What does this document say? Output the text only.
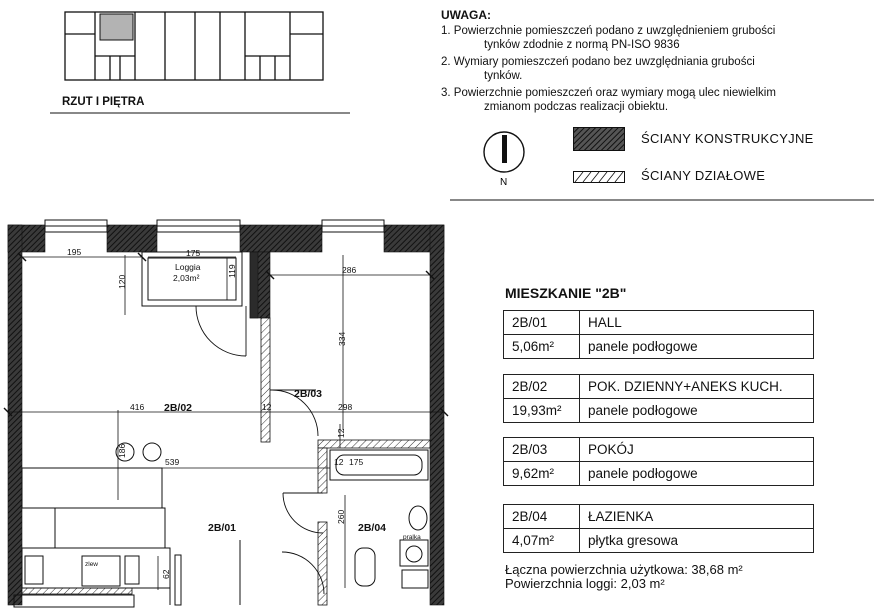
RZUT I PIĘTRA
UWAGA:
1. Powierzchnie pomieszczeń podano z uwzględnieniem grubości
tynków zdodnie z normą PN-ISO 9836
2. Wymiary pomieszczeń podano bez uwzględniania grubości
tynków.
3. Powierzchnie pomieszczeń oraz wymiary mogą ulec niewielkim
zmianom podczas realizacji obiektu.
N
ŚCIANY KONSTRUKCYJNE
ŚCIANY DZIAŁOWE
195	175
119
120
286
334
416	12	298
539
186
12
175
12
260
62
2B/02
2B/03
2B/01	2B/04
Loggia
2,03m²
zlew
pralka
MIESZKANIE "2B"
2B/01	HALL
5,06m²	panele podłogowe
2B/02	POK. DZIENNY+ANEKS KUCH.
19,93m²	panele podłogowe
2B/03	POKÓJ
9,62m²	panele podłogowe
2B/04	ŁAZIENKA
4,07m²	płytka gresowa
Łączna powierzchnia użytkowa: 38,68 m²
Powierzchnia loggi: 2,03 m²
